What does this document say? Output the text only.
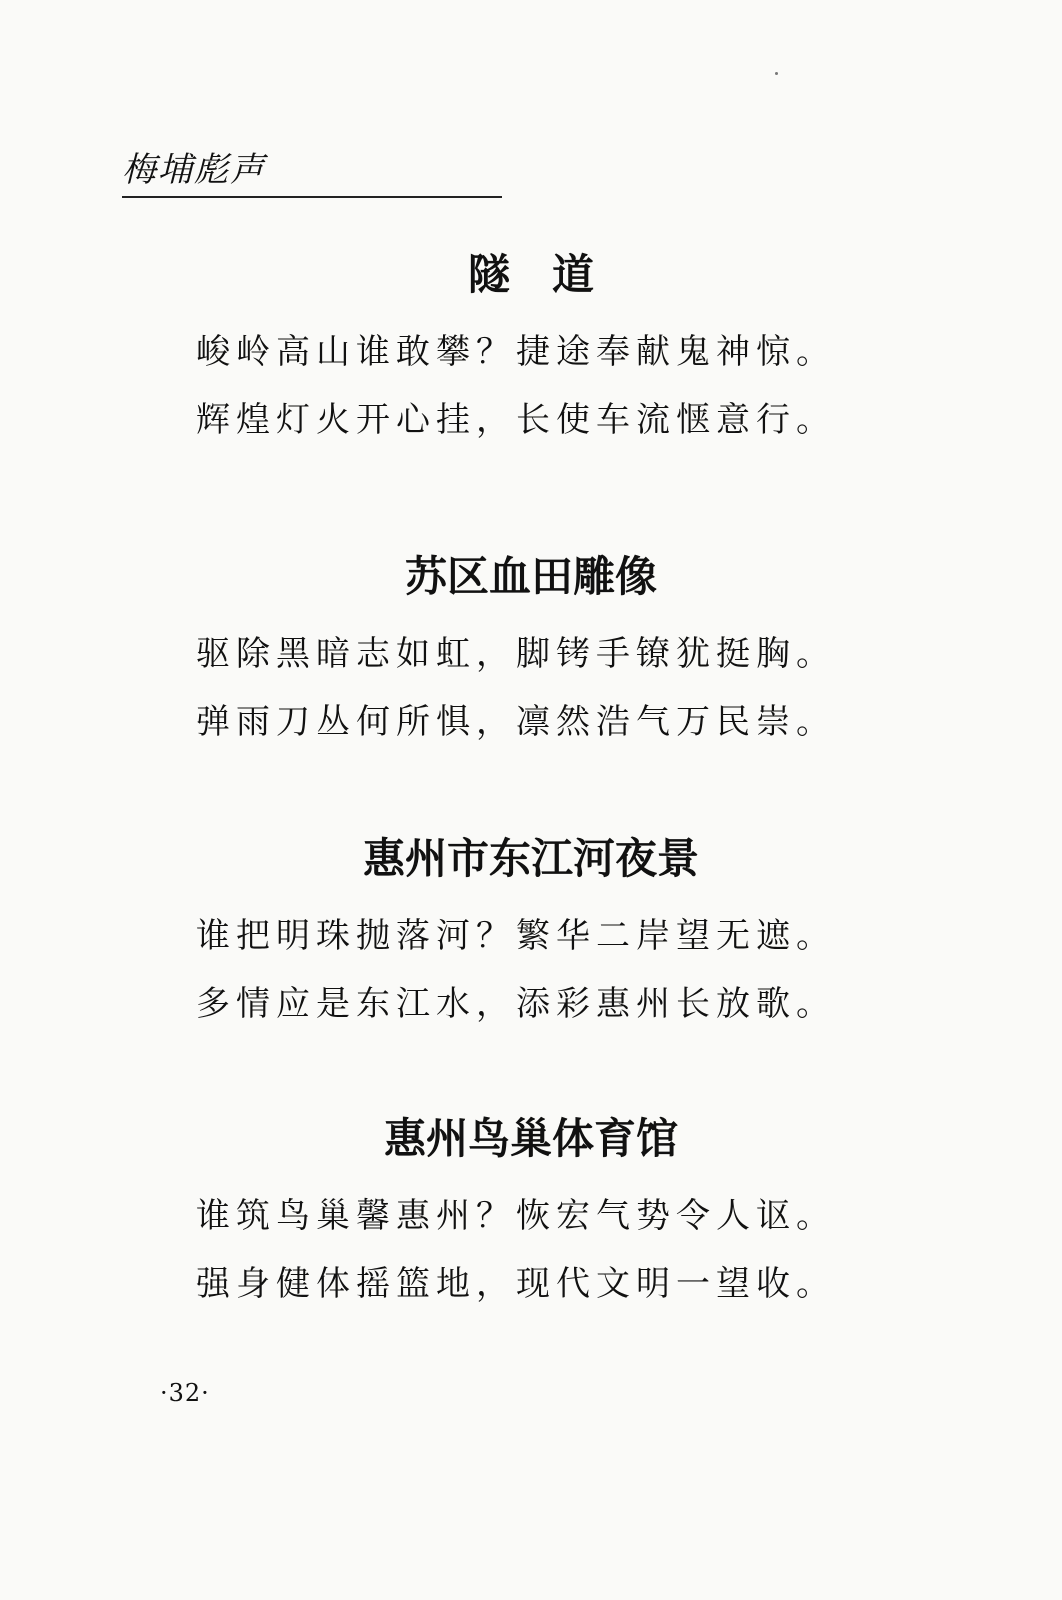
梅埔彪声
隧　道
峻岭高山谁敢攀？捷途奉献鬼神惊。
辉煌灯火开心挂，长使车流惬意行。
苏区血田雕像
驱除黑暗志如虹，脚铐手镣犹挺胸。
弹雨刀丛何所惧，凛然浩气万民崇。
惠州市东江河夜景
谁把明珠抛落河？繁华二岸望无遮。
多情应是东江水，添彩惠州长放歌。
惠州鸟巢体育馆
谁筑鸟巢馨惠州？恢宏气势令人讴。
强身健体摇篮地，现代文明一望收。
·32·
